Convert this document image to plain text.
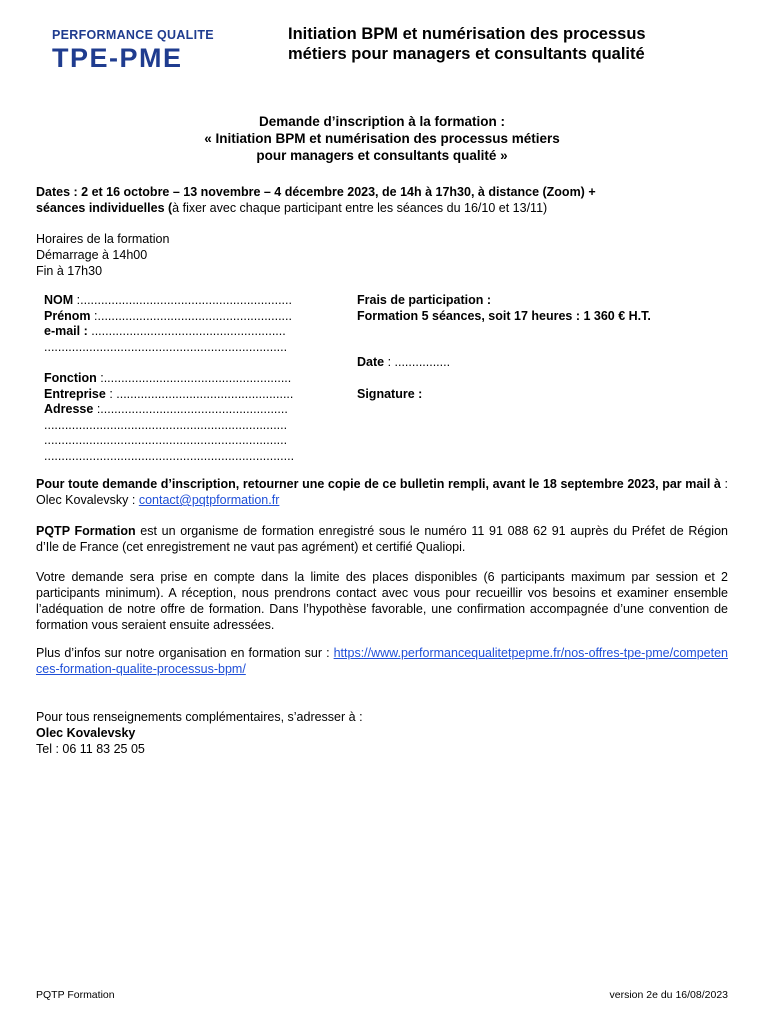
PERFORMANCE QUALITE
TPE-PME
Initiation BPM et numérisation des processus
métiers pour managers et consultants qualité
Demande d’inscription à la formation :
« Initiation BPM et numérisation des processus métiers
pour managers et consultants qualité »
Dates : 2 et 16 octobre – 13 novembre – 4 décembre 2023, de 14h à 17h30, à distance (Zoom) +
séances individuelles (à fixer avec chaque participant entre les séances du 16/10 et 13/11)
Horaires de la formation
Démarrage à 14h00
Fin à 17h30
NOM :.............................................................
Prénom :........................................................
e-mail : ........................................................
......................................................................
Fonction :......................................................
Entreprise : ...................................................
Adresse :......................................................
......................................................................
......................................................................
........................................................................
Frais de participation :
Formation 5 séances, soit 17 heures : 1 360 € H.T.
Date : ................
Signature :
Pour toute demande d’inscription, retourner une copie de ce bulletin rempli, avant le 18 septembre 2023, par mail à : Olec Kovalevsky : contact@pqtpformation.fr
PQTP Formation est un organisme de formation enregistré sous le numéro 11 91 088 62 91 auprès du Préfet de Région d’Ile de France (cet enregistrement ne vaut pas agrément) et certifié Qualiopi.
Votre demande sera prise en compte dans la limite des places disponibles (6 participants maximum par session et 2 participants minimum). A réception, nous prendrons contact avec vous pour recueillir vos besoins et examiner ensemble l’adéquation de notre offre de formation. Dans l’hypothèse favorable, une confirmation accompagnée d’une convention de formation vous seraient ensuite adressées.
Plus d’infos sur notre organisation en formation sur : https://www.performancequalitetpepme.fr/nos-offres-tpe-pme/competences-formation-qualite-processus-bpm/
Pour tous renseignements complémentaires, s’adresser à :
Olec Kovalevsky
Tel : 06 11 83 25 05
PQTP Formation	version 2e du 16/08/2023
